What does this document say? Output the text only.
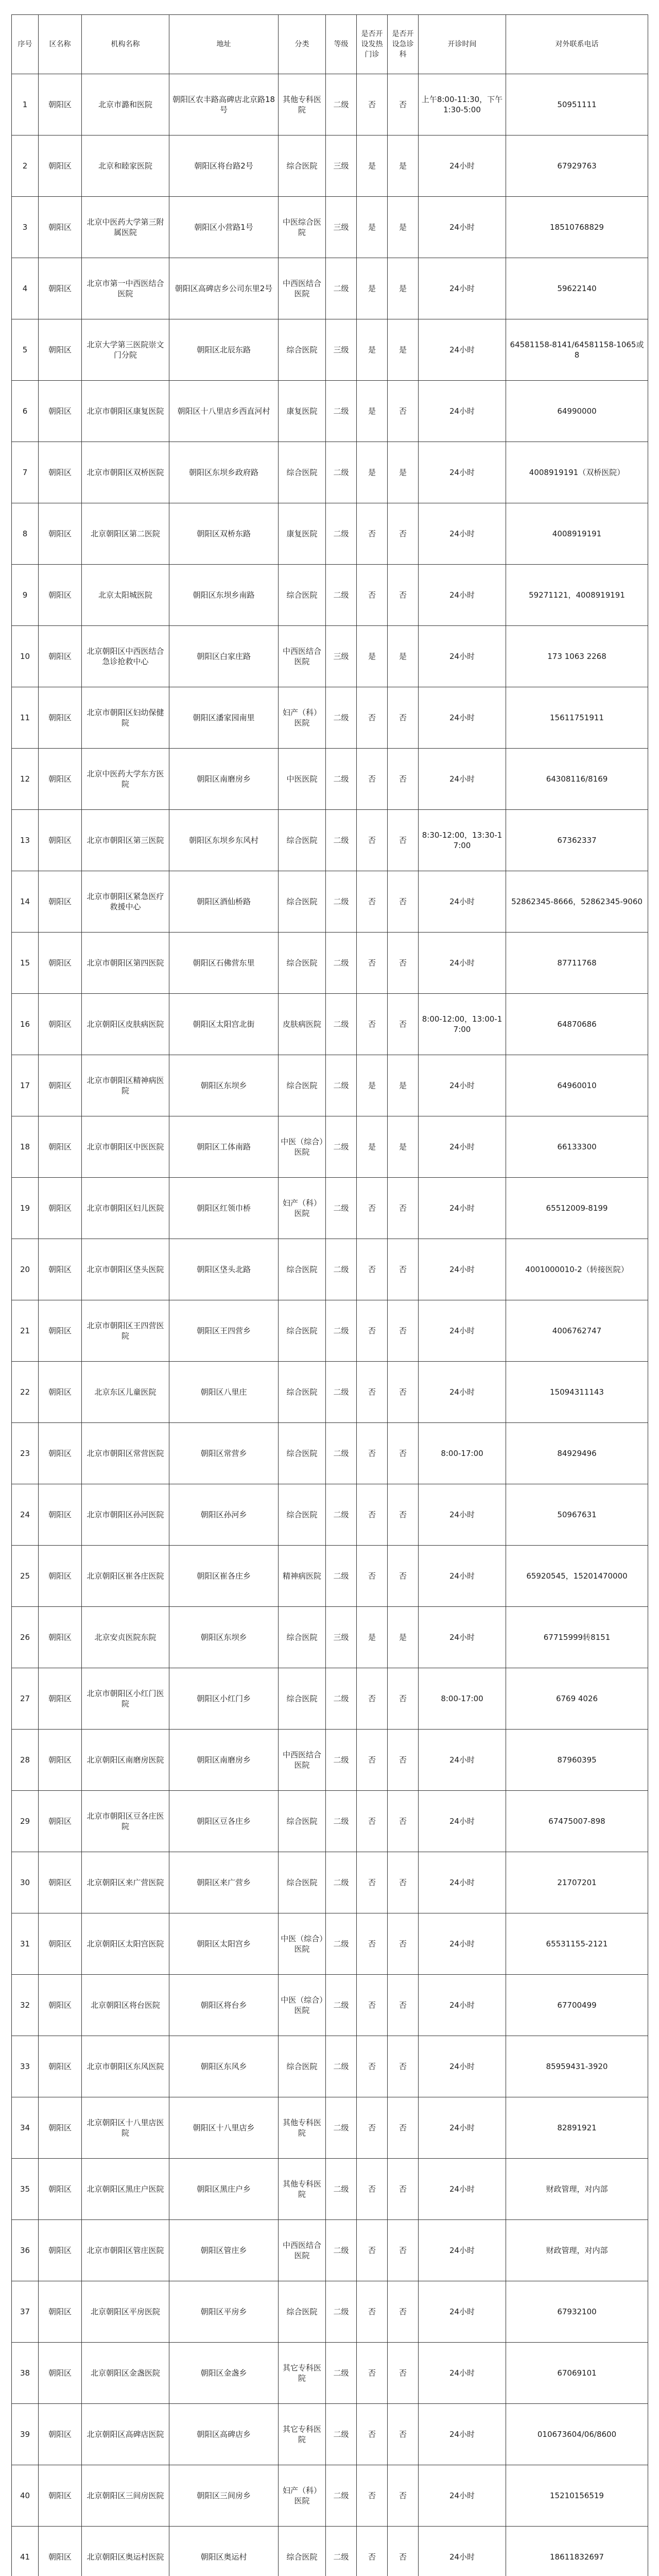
序号	区名称	机构名称	地址	分类	等级	是否开设发热门诊	是否开设急诊科	开诊时间	对外联系电话
1	朝阳区	北京市潞和医院	朝阳区农丰路高碑店北京路18号	其他专科医院	二级	否	否	上午8:00-11:30，下午1:30-5:00	50951111
2	朝阳区	北京和睦家医院	朝阳区将台路2号	综合医院	三级	是	是	24小时	67929763
3	朝阳区	北京中医药大学第三附属医院	朝阳区小营路1号	中医综合医院	三级	是	是	24小时	18510768829
4	朝阳区	北京市第一中西医结合医院	朝阳区高碑店乡公司东里2号	中西医结合医院	二级	是	是	24小时	59622140
5	朝阳区	北京大学第三医院崇文门分院	朝阳区北辰东路	综合医院	三级	是	是	24小时	64581158-8141/64581158-1065或8
6	朝阳区	北京市朝阳区康复医院	朝阳区十八里店乡西直河村	康复医院	二级	是	否	24小时	64990000
7	朝阳区	北京市朝阳区双桥医院	朝阳区东坝乡政府路	综合医院	二级	是	是	24小时	4008919191（双桥医院）
8	朝阳区	北京朝阳区第二医院	朝阳区双桥东路	康复医院	二级	否	否	24小时	4008919191
9	朝阳区	北京太阳城医院	朝阳区东坝乡南路	综合医院	二级	否	否	24小时	59271121，4008919191
10	朝阳区	北京朝阳区中西医结合急诊抢救中心	朝阳区白家庄路	中西医结合医院	三级	是	是	24小时	173 1063 2268
11	朝阳区	北京市朝阳区妇幼保健院	朝阳区潘家园南里	妇产（科）医院	二级	否	否	24小时	15611751911
12	朝阳区	北京中医药大学东方医院	朝阳区南磨房乡	中医医院	二级	否	否	24小时	64308116/8169
13	朝阳区	北京市朝阳区第三医院	朝阳区东坝乡东风村	综合医院	二级	否	否	8:30-12:00，13:30-17:00	67362337
14	朝阳区	北京市朝阳区紧急医疗救援中心	朝阳区酒仙桥路	综合医院	二级	否	否	24小时	52862345-8666，52862345-9060
15	朝阳区	北京市朝阳区第四医院	朝阳区石佛营东里	综合医院	二级	否	否	24小时	87711768
16	朝阳区	北京朝阳区皮肤病医院	朝阳区太阳宫北街	皮肤病医院	二级	否	否	8:00-12:00，13:00-17:00	64870686
17	朝阳区	北京市朝阳区精神病医院	朝阳区东坝乡	综合医院	二级	是	是	24小时	64960010
18	朝阳区	北京市朝阳区中医医院	朝阳区工体南路	中医（综合）医院	二级	是	是	24小时	66133300
19	朝阳区	北京市朝阳区妇儿医院	朝阳区红领巾桥	妇产（科）医院	二级	否	否	24小时	65512009-8199
20	朝阳区	北京市朝阳区垡头医院	朝阳区垡头北路	综合医院	二级	否	否	24小时	4001000010-2（转接医院）
21	朝阳区	北京市朝阳区王四营医院	朝阳区王四营乡	综合医院	二级	否	否	24小时	4006762747
22	朝阳区	北京东区儿童医院	朝阳区八里庄	综合医院	二级	否	否	24小时	15094311143
23	朝阳区	北京市朝阳区常营医院	朝阳区常营乡	综合医院	二级	否	否	8:00-17:00	84929496
24	朝阳区	北京市朝阳区孙河医院	朝阳区孙河乡	综合医院	二级	否	否	24小时	50967631
25	朝阳区	北京朝阳区崔各庄医院	朝阳区崔各庄乡	精神病医院	二级	否	否	24小时	65920545，15201470000
26	朝阳区	北京安贞医院东院	朝阳区东坝乡	综合医院	三级	是	是	24小时	67715999转8151
27	朝阳区	北京市朝阳区小红门医院	朝阳区小红门乡	综合医院	二级	否	否	8:00-17:00	6769 4026
28	朝阳区	北京朝阳区南磨房医院	朝阳区南磨房乡	中西医结合医院	二级	否	否	24小时	87960395
29	朝阳区	北京市朝阳区豆各庄医院	朝阳区豆各庄乡	综合医院	二级	否	否	24小时	67475007-898
30	朝阳区	北京朝阳区来广营医院	朝阳区来广营乡	综合医院	二级	否	否	24小时	21707201
31	朝阳区	北京朝阳区太阳宫医院	朝阳区太阳宫乡	中医（综合）医院	二级	否	否	24小时	65531155-2121
32	朝阳区	北京朝阳区将台医院	朝阳区将台乡	中医（综合）医院	二级	否	否	24小时	67700499
33	朝阳区	北京市朝阳区东风医院	朝阳区东风乡	综合医院	二级	否	否	24小时	85959431-3920
34	朝阳区	北京朝阳区十八里店医院	朝阳区十八里店乡	其他专科医院	二级	否	否	24小时	82891921
35	朝阳区	北京朝阳区黑庄户医院	朝阳区黑庄户乡	其他专科医院	二级	否	否	24小时	财政管理，对内部
36	朝阳区	北京市朝阳区管庄医院	朝阳区管庄乡	中西医结合医院	二级	否	否	24小时	财政管理，对内部
37	朝阳区	北京朝阳区平房医院	朝阳区平房乡	综合医院	二级	否	否	24小时	67932100
38	朝阳区	北京朝阳区金盏医院	朝阳区金盏乡	其它专科医院	二级	否	否	24小时	67069101
39	朝阳区	北京朝阳区高碑店医院	朝阳区高碑店乡	其它专科医院	二级	否	否	24小时	010673604/06/8600
40	朝阳区	北京朝阳区三间房医院	朝阳区三间房乡	妇产（科）医院	二级	否	否	24小时	15210156519
41	朝阳区	北京朝阳区奥运村医院	朝阳区奥运村	综合医院	二级	否	否	24小时	18611832697
